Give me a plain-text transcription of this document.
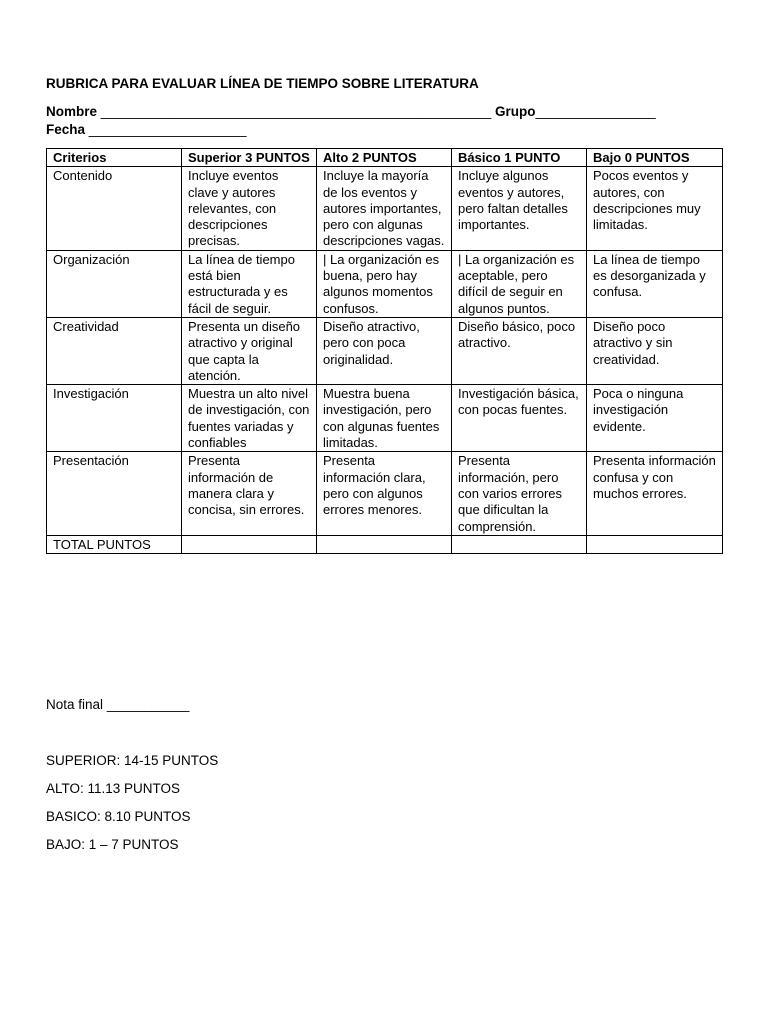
RUBRICA PARA EVALUAR LÍNEA DE TIEMPO SOBRE LITERATURA
Nombre ____________________________________________________ Grupo________________
Fecha _____________________
Criterios	Superior 3 PUNTOS	Alto 2 PUNTOS	Básico 1 PUNTO	Bajo 0 PUNTOS
Contenido	Incluye eventos clave y autores relevantes, con descripciones precisas.	Incluye la mayoría de los eventos y autores importantes, pero con algunas descripciones vagas.	Incluye algunos eventos y autores, pero faltan detalles importantes.	Pocos eventos y autores, con descripciones muy limitadas.
Organización	La línea de tiempo está bien estructurada y es fácil de seguir.	| La organización es buena, pero hay algunos momentos confusos.	| La organización es aceptable, pero difícil de seguir en algunos puntos.	La línea de tiempo es desorganizada y confusa.
Creatividad	Presenta un diseño atractivo y original que capta la atención.	Diseño atractivo, pero con poca originalidad.	Diseño básico, poco atractivo.	Diseño poco atractivo y sin creatividad.
Investigación	Muestra un alto nivel de investigación, con fuentes variadas y confiables	Muestra buena investigación, pero con algunas fuentes limitadas.	Investigación básica, con pocas fuentes.	Poca o ninguna investigación evidente.
Presentación	Presenta información de manera clara y concisa, sin errores.	Presenta información clara, pero con algunos errores menores.	Presenta información, pero con varios errores que dificultan la comprensión.	Presenta información confusa y con muchos errores.
TOTAL PUNTOS				
Nota final ___________
SUPERIOR: 14-15 PUNTOS
ALTO: 11.13 PUNTOS
BASICO: 8.10 PUNTOS
BAJO: 1 – 7 PUNTOS
